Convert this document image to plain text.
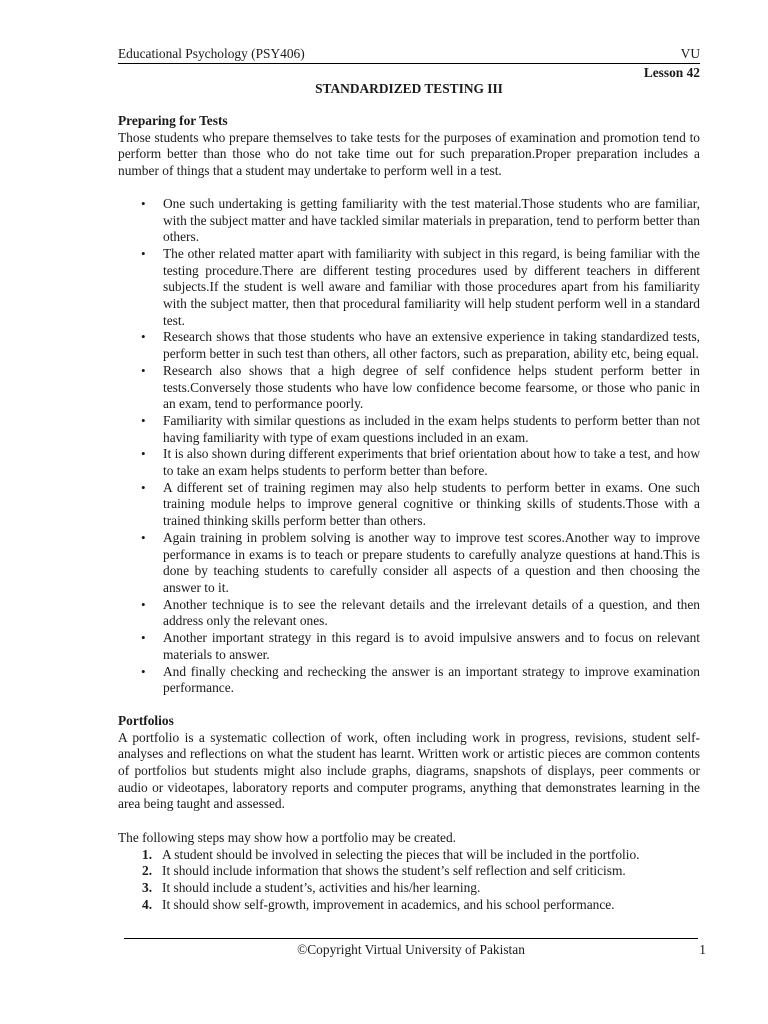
Educational Psychology (PSY406)	VU
Lesson 42
STANDARDIZED TESTING III
Preparing for Tests

Those students who prepare themselves to take tests for the purposes of examination and promotion tend to perform better than those who do not take time out for such preparation.Proper preparation includes a number of things that a student may undertake to perform well in a test.

• One such undertaking is getting familiarity with the test material.Those students who are familiar, with the subject matter and have tackled similar materials in preparation, tend to perform better than others.
• The other related matter apart with familiarity with subject in this regard, is being familiar with the testing procedure.There are different testing procedures used by different teachers in different subjects.If the student is well aware and familiar with those procedures apart from his familiarity with the subject matter, then that procedural familiarity will help student perform well in a standard test.
• Research shows that those students who have an extensive experience in taking standardized tests, perform better in such test than others, all other factors, such as preparation, ability etc, being equal.
• Research also shows that a high degree of self confidence helps student perform better in tests.Conversely those students who have low confidence become fearsome, or those who panic in an exam, tend to performance poorly.
• Familiarity with similar questions as included in the exam helps students to perform better than not having familiarity with type of exam questions included in an exam.
• It is also shown during different experiments that brief orientation about how to take a test, and how to take an exam helps students to perform better than before.
• A different set of training regimen may also help students to perform better in exams. One such training module helps to improve general cognitive or thinking skills of students.Those with a trained thinking skills perform better than others.
• Again training in problem solving is another way to improve test scores.Another way to improve performance in exams is to teach or prepare students to carefully analyze questions at hand.This is done by teaching students to carefully consider all aspects of a question and then choosing the answer to it.
• Another technique is to see the relevant details and the irrelevant details of a question, and then address only the relevant ones.
• Another important strategy in this regard is to avoid impulsive answers and to focus on relevant materials to answer.
• And finally checking and rechecking the answer is an important strategy to improve examination performance.
Portfolios

A portfolio is a systematic collection of work, often including work in progress, revisions, student self-analyses and reflections on what the student has learnt. Written work or artistic pieces are common contents of portfolios but students might also include graphs, diagrams, snapshots of displays, peer comments or audio or videotapes, laboratory reports and computer programs, anything that demonstrates learning in the area being taught and assessed.

The following steps may show how a portfolio may be created.

1. A student should be involved in selecting the pieces that will be included in the portfolio.
2. It should include information that shows the student’s self reflection and self criticism.
3. It should include a student’s, activities and his/her learning.
4. It should show self-growth, improvement in academics, and his school performance.
©Copyright Virtual University of Pakistan	1
